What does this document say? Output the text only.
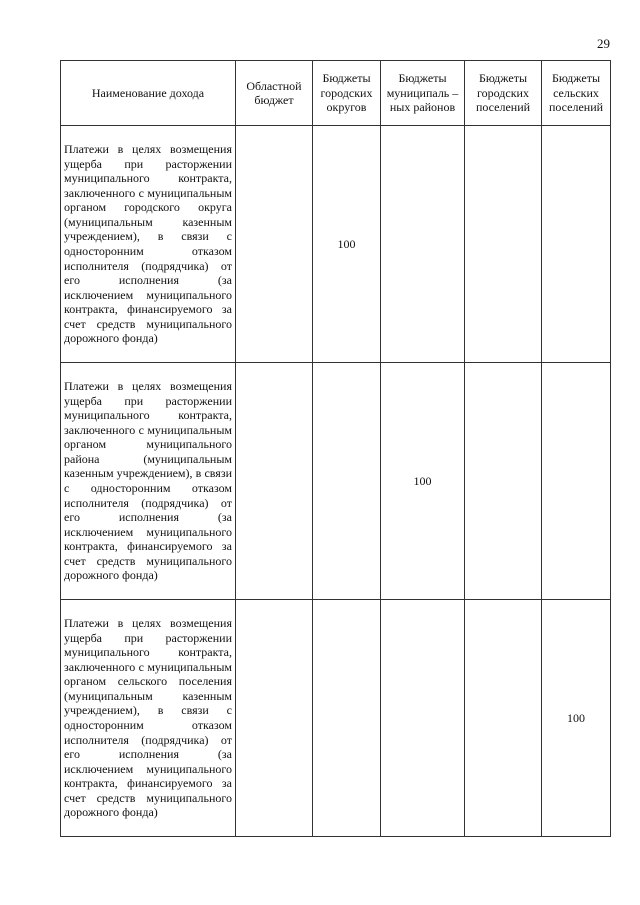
29
Наименование дохода	Областной бюджет	Бюджеты городских округов	Бюджеты муниципаль –ных районов	Бюджеты городских поселений	Бюджеты сельских поселений
Платежи в целях возмещения ущерба при расторжении муниципального контракта, заключенного с муниципальным органом городского округа (муниципальным казенным учреждением), в связи с односторонним отказом исполнителя (подрядчика) от его исполнения (за исключением муниципального контракта, финансируемого за счет средств муниципального дорожного фонда)		100			
Платежи в целях возмещения ущерба при расторжении муниципального контракта, заключенного с муниципальным органом муниципального района (муниципальным казенным учреждением), в связи с односторонним отказом исполнителя (подрядчика) от его исполнения (за исключением муниципального контракта, финансируемого за счет средств муниципального дорожного фонда)			100		
Платежи в целях возмещения ущерба при расторжении муниципального контракта, заключенного с муниципальным органом сельского поселения (муниципальным казенным учреждением), в связи с односторонним отказом исполнителя (подрядчика) от его исполнения (за исключением муниципального контракта, финансируемого за счет средств муниципального дорожного фонда)					100
